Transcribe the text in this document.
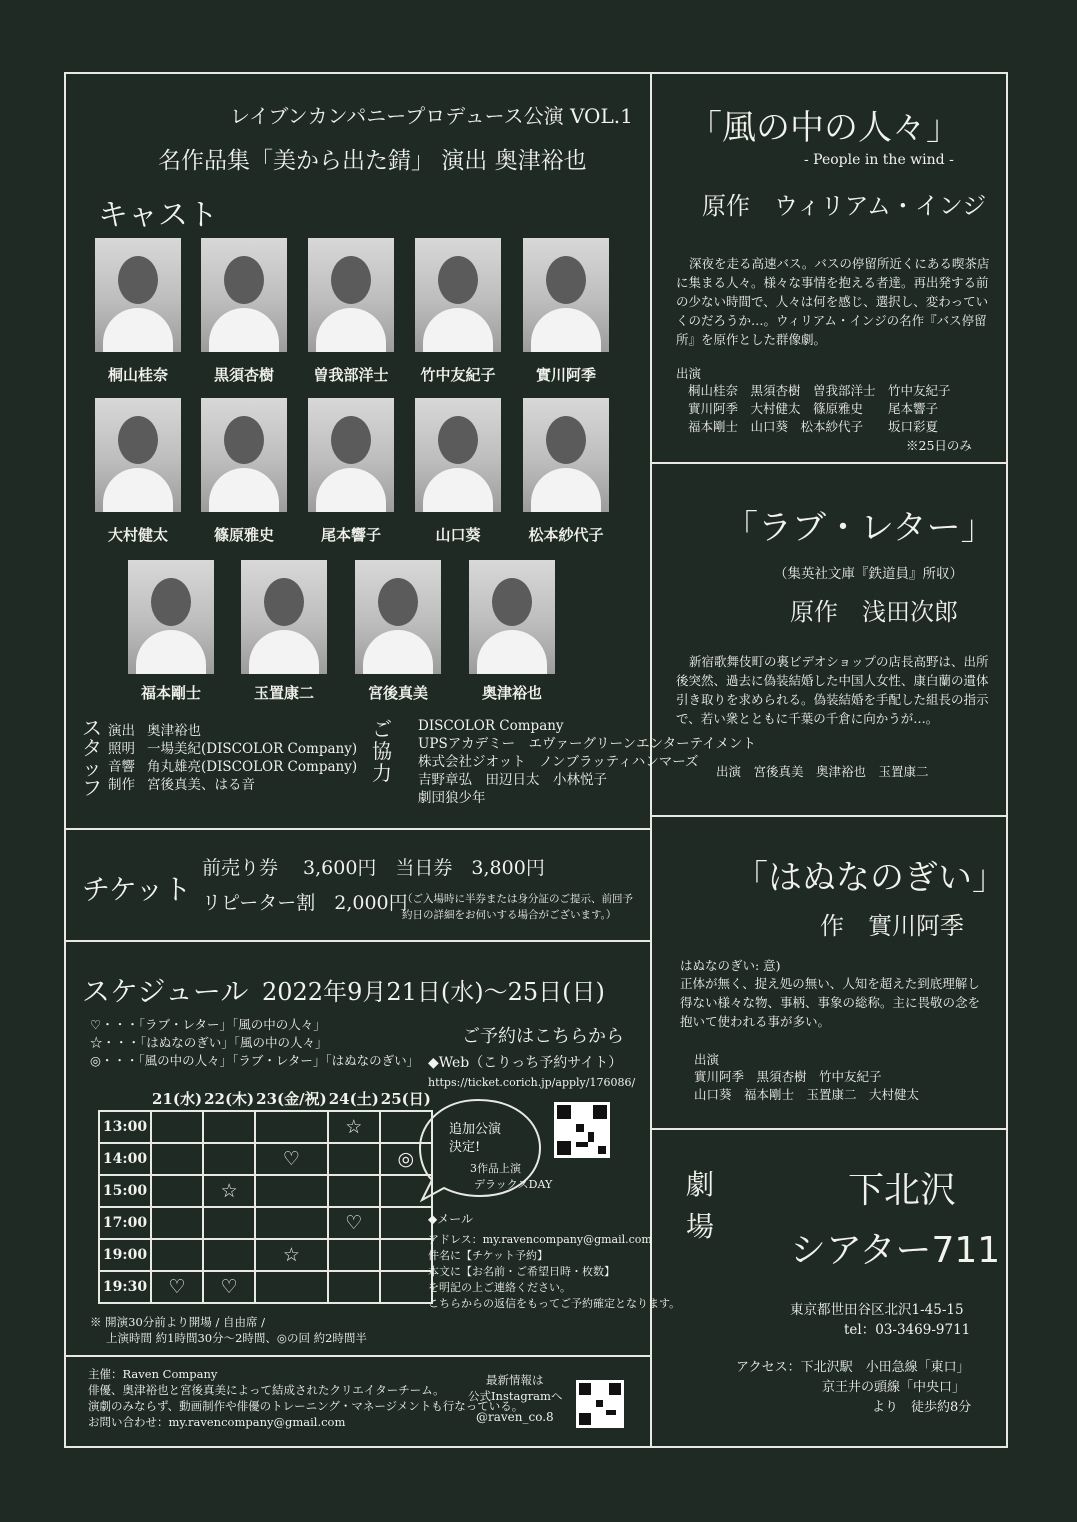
レイブンカンパニープロデュース公演 VOL.1
名作品集「美から出た錆」 演出 奥津裕也
キャスト
桐山桂奈	黒須杏樹	曽我部洋士	竹中友紀子	實川阿季
大村健太	篠原雅史	尾本響子	山口葵	松本紗代子
福本剛士	玉置康二	宮後真美	奥津裕也
ス
タ
ッ
フ
演出 奥津裕也
照明 一場美紀(DISCOLOR Company)
音響 角丸雄亮(DISCOLOR Company)
制作 宮後真美、はる音
ご
協
力
DISCOLOR Company
UPSアカデミー　エヴァーグリーンエンターテイメント
株式会社ジオット　ノンブラッティハンマーズ
吉野章弘　田辺日太　小林悦子
劇団狼少年
チケット
前売り券　 3,600円　当日券　3,800円
リピーター割　2,000円
（ご入場時に半券または身分証のご提示、前回予約日の詳細をお伺いする場合がございます。）
スケジュール 2022年9月21日(水)〜25日(日)
♡・・・「ラブ・レター」「風の中の人々」
☆・・・「はぬなのぎい」「風の中の人々」
◎・・・「風の中の人々」「ラブ・レター」「はぬなのぎい」
	21(水)	22(木)	23(金/祝)	24(土)	25(日)
13:00				☆	
14:00			♡		◎
15:00		☆			
17:00				♡	
19:00			☆		
19:30	♡	♡			
※ 開演30分前より開場 / 自由席 /
上演時間 約1時間30分〜2時間、◎の回 約2時間半
ご予約はこちらから
◆Web（こりっち予約サイト）
https://ticket.corich.jp/apply/176086/
追加公演
決定!
3作品上演
デラックスDAY
◆メール
アドレス：my.ravencompany@gmail.com
件名に【チケット予約】
本文に【お名前・ご希望日時・枚数】
を明記の上ご連絡ください。
こちらからの返信をもってご予約確定となります。
主催：Raven Company
俳優、奥津裕也と宮後真美によって結成されたクリエイターチーム。
演劇のみならず、動画制作や俳優のトレーニング・マネージメントも行なっている。
お問い合わせ：my.ravencompany@gmail.com
最新情報は
公式Instagramへ
@raven_co.8
「風の中の人々」
- People in the wind -
原作　ウィリアム・インジ
深夜を走る高速バス。バスの停留所近くにある喫茶店に集まる人々。様々な事情を抱える者達。再出発する前の少ない時間で、人々は何を感じ、選択し、変わっていくのだろうか…。ウィリアム・インジの名作『バス停留所』を原作とした群像劇。
出演
桐山桂奈　黒須杏樹　曽我部洋士　竹中友紀子
實川阿季　大村健太　篠原雅史　　尾本響子
福本剛士　山口葵　松本紗代子　　坂口彩夏
※25日のみ
「ラブ・レター」
（集英社文庫『鉄道員』所収）
原作　浅田次郎
新宿歌舞伎町の裏ビデオショップの店長高野は、出所後突然、過去に偽装結婚した中国人女性、康白蘭の遺体引き取りを求められる。偽装結婚を手配した組長の指示で、若い衆とともに千葉の千倉に向かうが…。
出演　宮後真美　奥津裕也　玉置康二
「はぬなのぎい」
作　實川阿季
はぬなのぎい: 意)
正体が無く、捉え処の無い、人知を超えた到底理解し得ない様々な物、事柄、事象の総称。主に畏敬の念を抱いて使われる事が多い。
出演
實川阿季　黒須杏樹　竹中友紀子
山口葵　福本剛士　玉置康二　大村健太
劇
場
下北沢
シアター711
東京都世田谷区北沢1-45-15
tel：03-3469-9711
アクセス：下北沢駅　小田急線「東口」
京王井の頭線「中央口」
より　徒歩約8分
